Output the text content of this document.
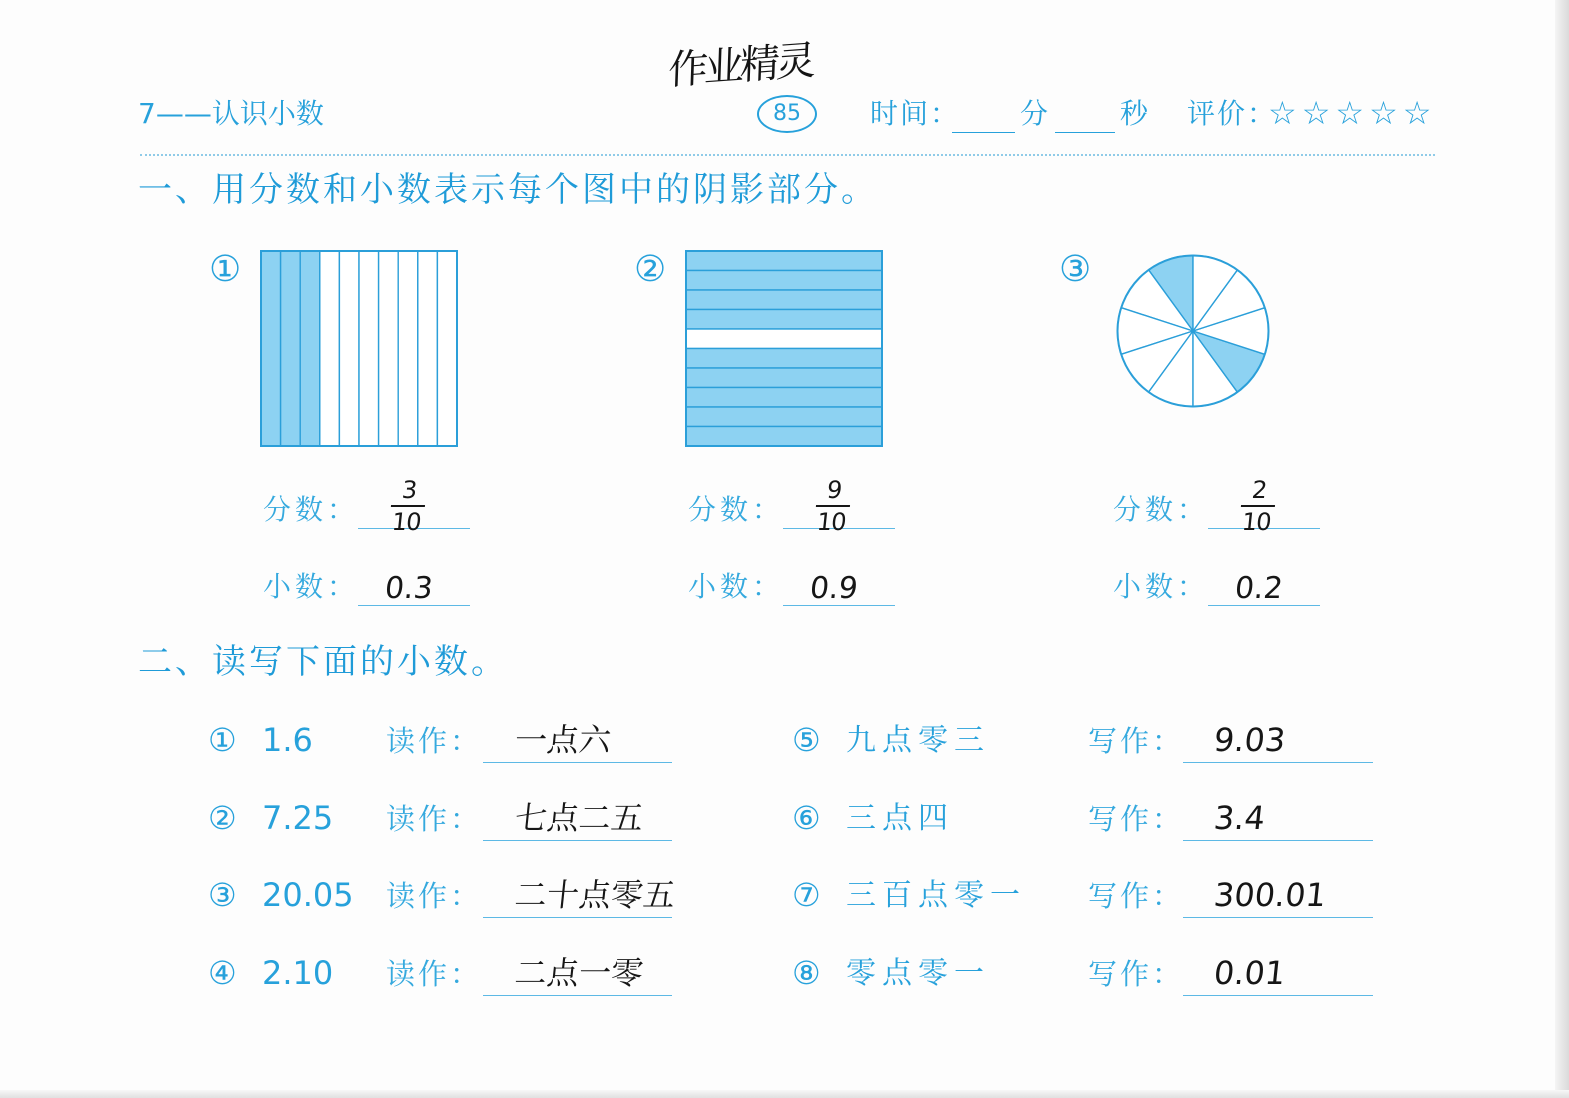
作业精灵
7——认识小数	85	时间： 分	秒 评价：
☆☆☆☆☆
一、用分数和小数表示每个图中的阴影部分。
①
分数：
3
10
小数： 0.3
②
分数：
9
10
小数： 0.9
③
分数：
2
10
小数： 0.2
二、读写下面的小数。
① 1.6	读作： 一点六	⑤ 九点零三	写作： 9.03
② 7.25 读作： 七点二五	⑥ 三点四	写作： 3.4
③ 20.05 读作： 二十点零五	⑦ 三百点零一 写作： 300.01
④ 2.10 读作： 二点一零	⑧ 零点零一	写作： 0.01
